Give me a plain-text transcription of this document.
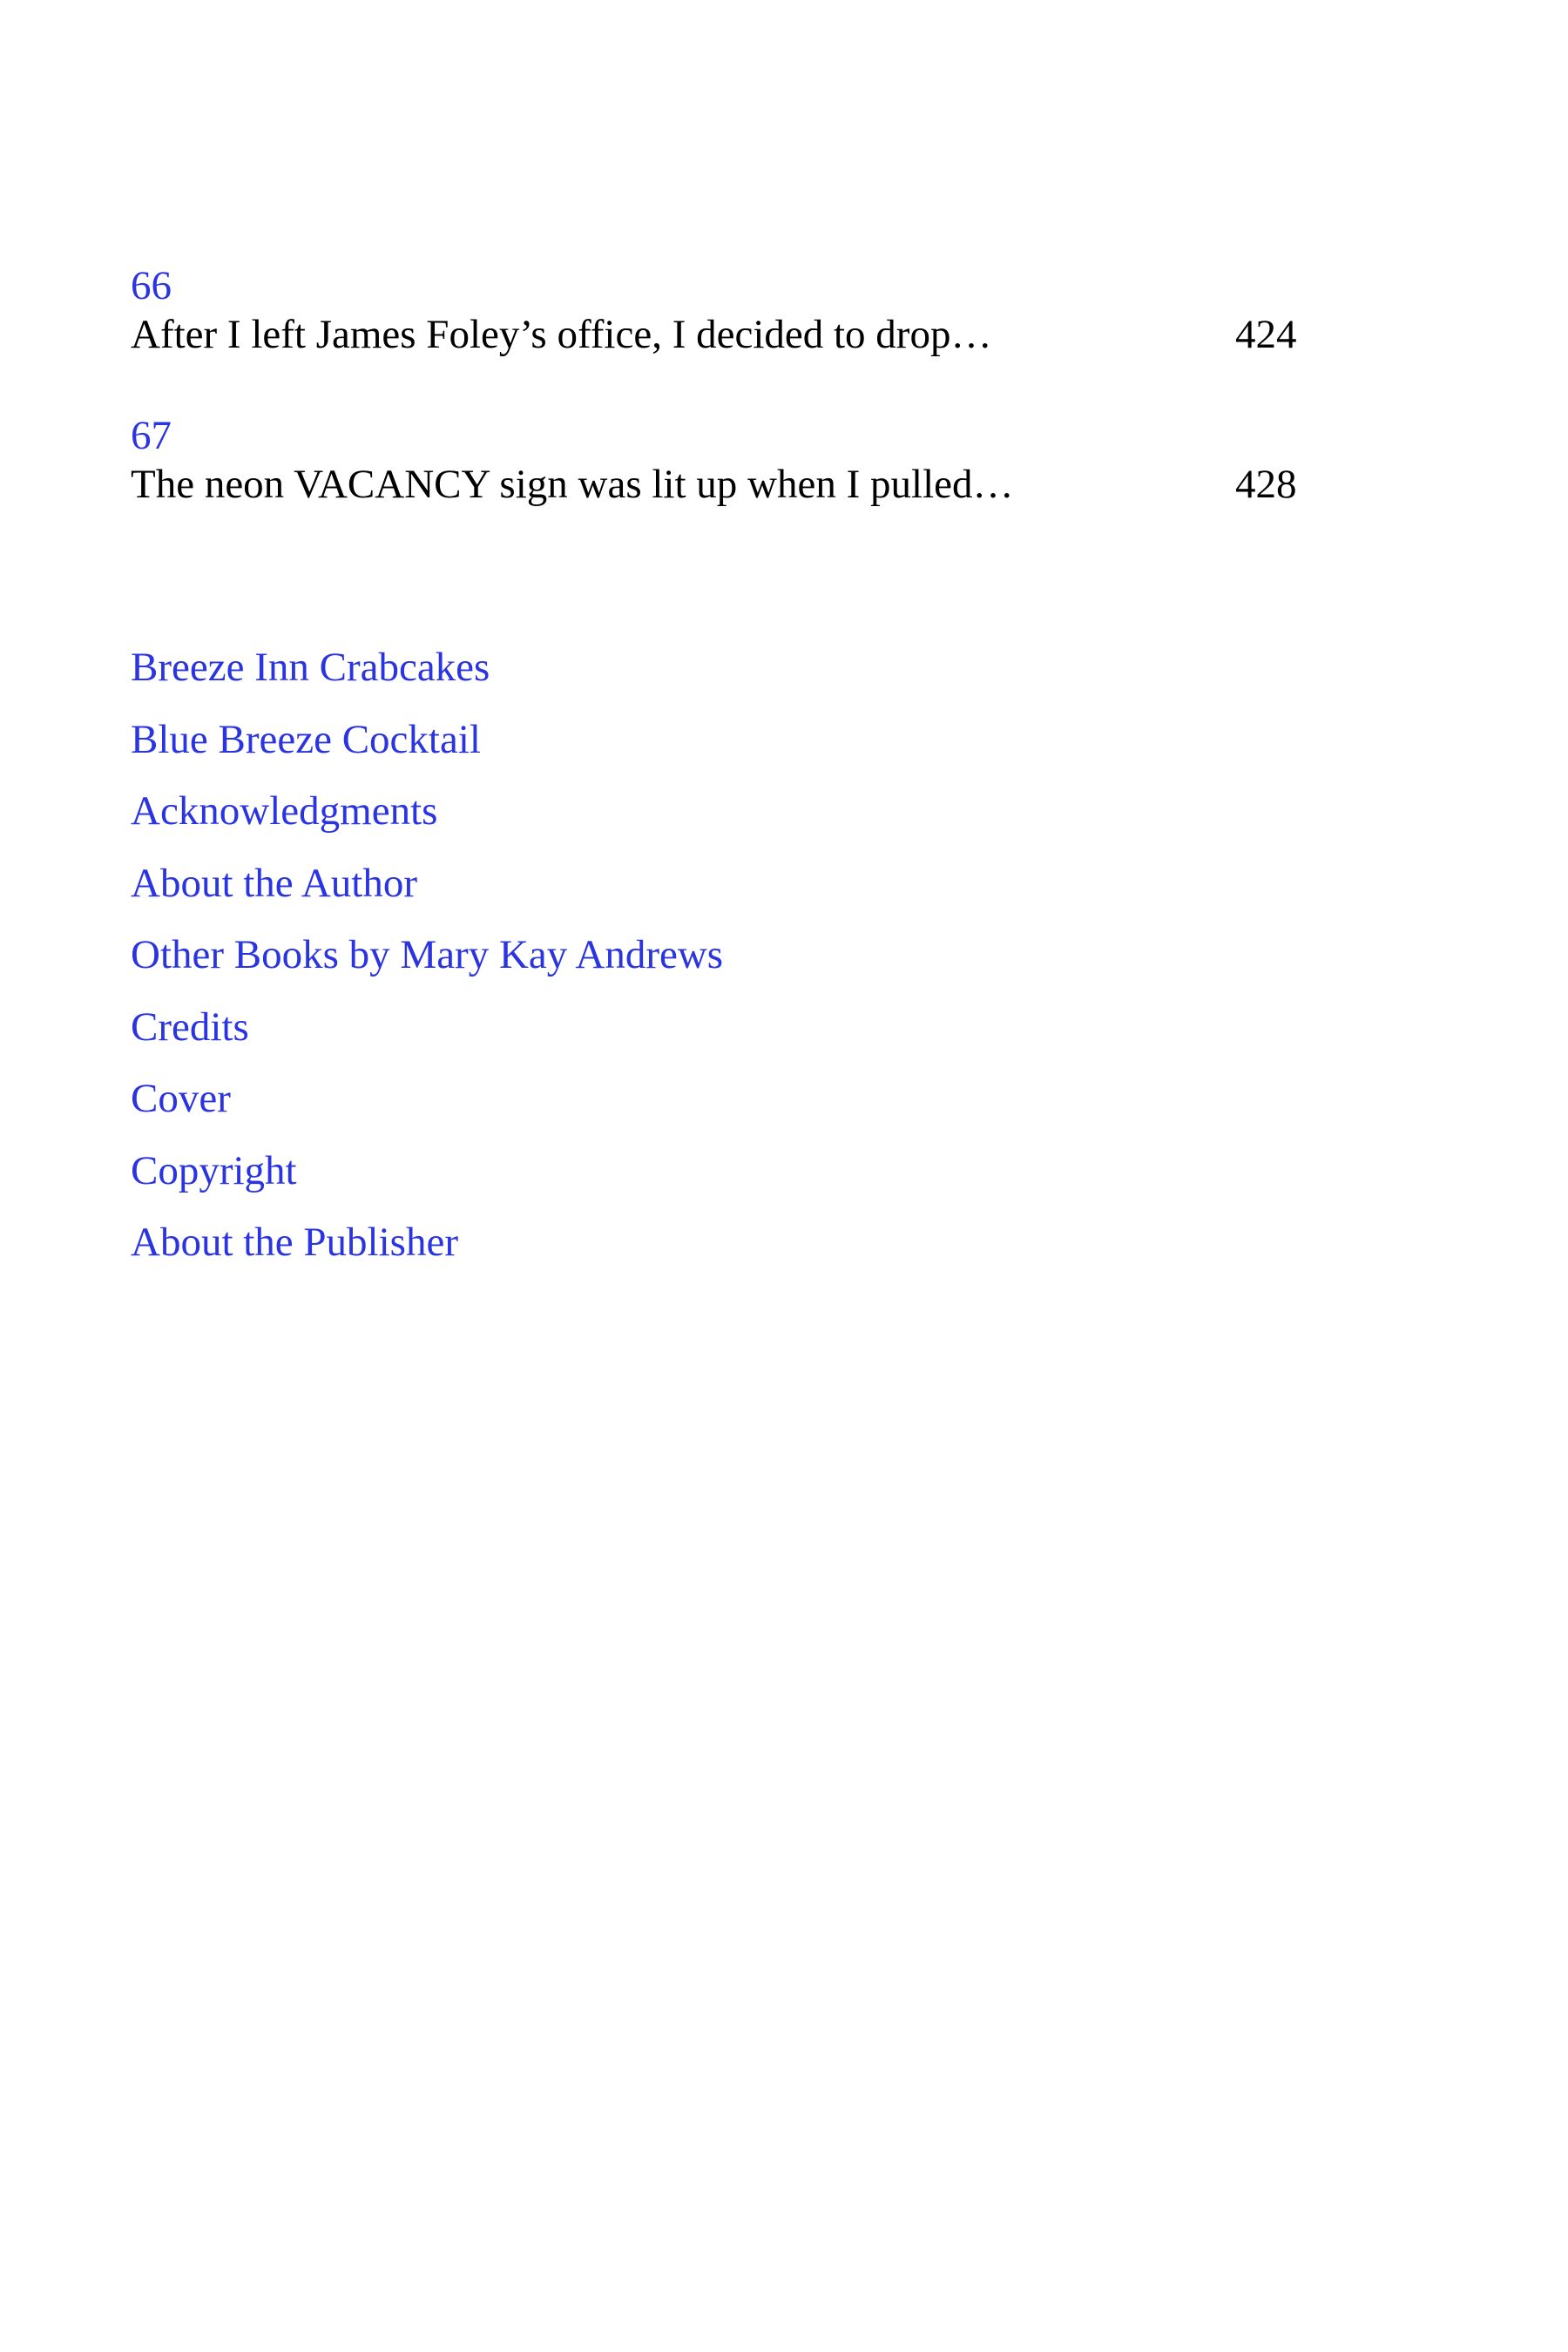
66
After I left James Foley’s office, I decided to drop…	424
67
The neon VACANCY sign was lit up when I pulled…	428
Breeze Inn Crabcakes
Blue Breeze Cocktail
Acknowledgments
About the Author
Other Books by Mary Kay Andrews
Credits
Cover
Copyright
About the Publisher
